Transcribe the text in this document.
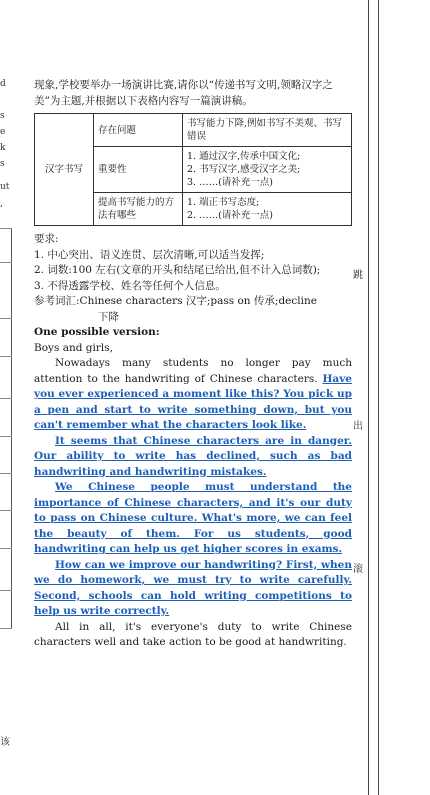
d
s
e
k
s
ut
,
该
跳
出
滚

现象,学校要举办一场演讲比赛,请你以“传递书写文明,领略汉字之美”为主题,并根据以下表格内容写一篇演讲稿。

汉字书写	存在问题	书写能力下降,例如书写不美观、书写错误

	重要性	1. 通过汉字,传承中国文化;
2. 书写汉字,感受汉字之美;
3. ……(请补充一点)

	提高书写能力的方法有哪些	1. 端正书写态度;
2. ……(请补充一点)

要求:

1. 中心突出、语义连贯、层次清晰,可以适当发挥;

2. 词数:100 左右(文章的开头和结尾已给出,但不计入总词数);

3. 不得透露学校、姓名等任何个人信息。

参考词汇:Chinese characters 汉字;pass on 传承;decline

下降

One possible version:

Boys and girls,

Nowadays many students no longer pay much attention to the handwriting of Chinese characters. Have you ever experienced a moment like this? You pick up a pen and start to write something down, but you can't remember what the characters look like.

It seems that Chinese characters are in danger. Our ability to write has declined, such as bad handwriting and handwriting mistakes.

We Chinese people must understand the importance of Chinese characters, and it's our duty to pass on Chinese culture. What's more, we can feel the beauty of them. For us students, good handwriting can help us get higher scores in exams.

How can we improve our handwriting? First, when we do homework, we must try to write carefully. Second, schools can hold writing competitions to help us write correctly.

All in all, it's everyone's duty to write Chinese characters well and take action to be good at handwriting.
